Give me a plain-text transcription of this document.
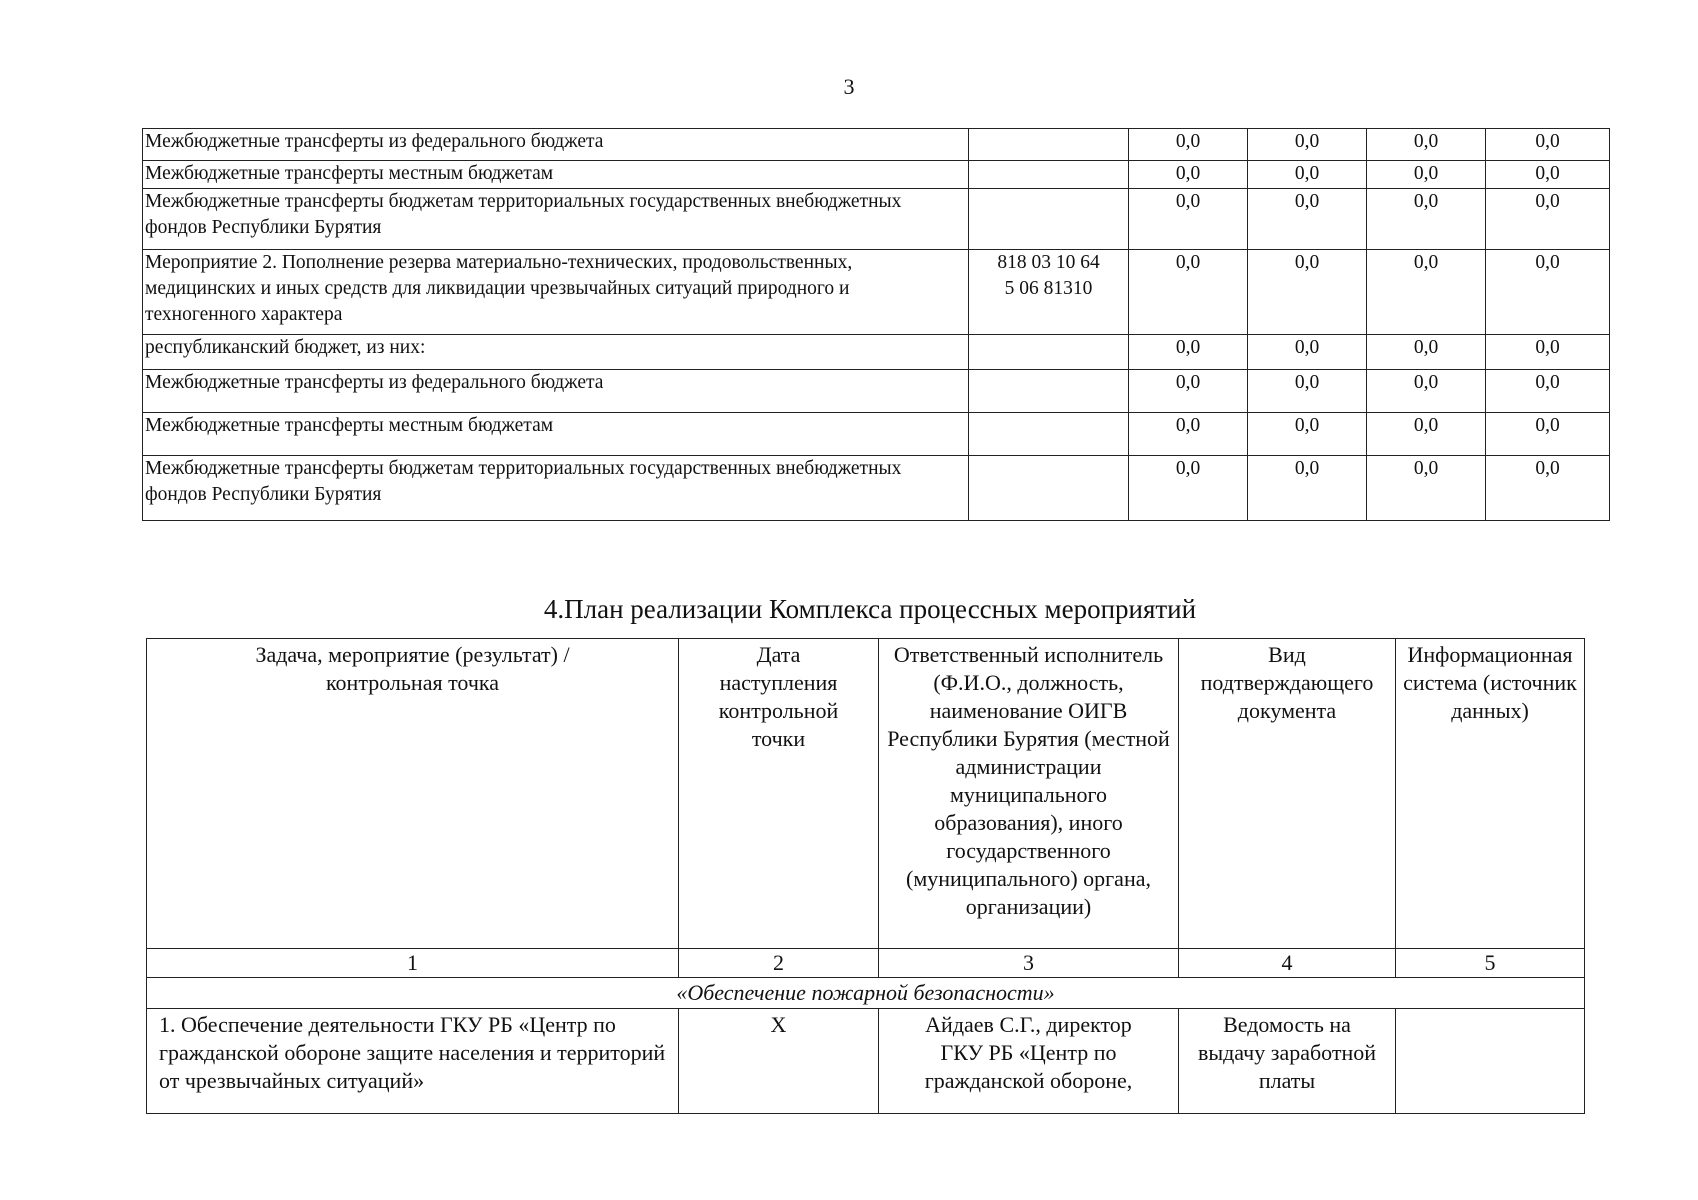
3
Межбюджетные трансферты из федерального бюджета		0,0	0,0	0,0	0,0
Межбюджетные трансферты местным бюджетам		0,0	0,0	0,0	0,0
Межбюджетные трансферты бюджетам территориальных государственных внебюджетных фондов Республики Бурятия		0,0	0,0	0,0	0,0
Мероприятие 2. Пополнение резерва материально-технических, продовольственных, медицинских и иных средств для ликвидации чрезвычайных ситуаций природного и техногенного характера	818 03 10 64 5 06 81310	0,0	0,0	0,0	0,0
республиканский бюджет, из них:		0,0	0,0	0,0	0,0
Межбюджетные трансферты из федерального бюджета		0,0	0,0	0,0	0,0
Межбюджетные трансферты местным бюджетам		0,0	0,0	0,0	0,0
Межбюджетные трансферты бюджетам территориальных государственных внебюджетных фондов Республики Бурятия		0,0	0,0	0,0	0,0
4.План реализации Комплекса процессных мероприятий
Задача, мероприятие (результат) / контрольная точка	Дата наступления контрольной точки	Ответственный исполнитель (Ф.И.О., должность, наименование ОИГВ Республики Бурятия (местной администрации муниципального образования), иного государственного (муниципального) органа, организации)	Вид подтверждающего документа	Информационная система (источник данных)
1	2	3	4	5
«Обеспечение пожарной безопасности»				
1. Обеспечение деятельности ГКУ РБ «Центр по гражданской обороне защите населения и территорий от чрезвычайных ситуаций»	Х	Айдаев С.Г., директор ГКУ РБ «Центр по гражданской обороне,	Ведомость на выдачу заработной платы	
